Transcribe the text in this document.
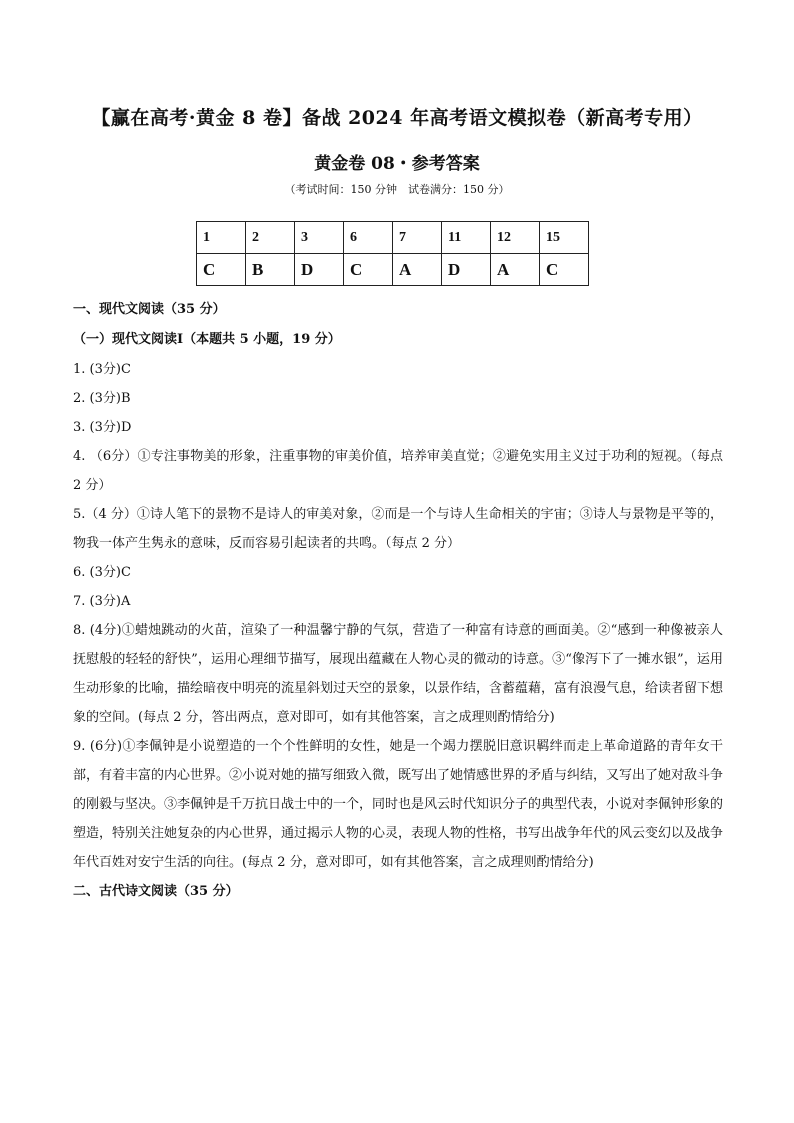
【赢在高考·黄金 8 卷】备战 2024 年高考语文模拟卷（新高考专用）
黄金卷 08・参考答案
（考试时间：150 分钟　试卷满分：150 分）
1	2	3	6	7	11	12	15
C	B	D	C	A	D	A	C
一、现代文阅读（35 分）
（一）现代文阅读Ⅰ（本题共 5 小题，19 分）
1. (3分)C
2. (3分)B
3. (3分)D
4. （6分）①专注事物美的形象，注重事物的审美价值，培养审美直觉；②避免实用主义过于功利的短视。（每点 2 分）
5.（4 分）①诗人笔下的景物不是诗人的审美对象，②而是一个与诗人生命相关的宇宙；③诗人与景物是平等的，物我一体产生隽永的意味，反而容易引起读者的共鸣。（每点 2 分）
6. (3分)C
7. (3分)A
8. (4分)①蜡烛跳动的火苗，渲染了一种温馨宁静的气氛，营造了一种富有诗意的画面美。②“感到一种像被亲人抚慰般的轻轻的舒快”，运用心理细节描写，展现出蕴藏在人物心灵的微动的诗意。③“像泻下了一摊水银”，运用生动形象的比喻，描绘暗夜中明亮的流星斜划过天空的景象，以景作结，含蓄蕴藉，富有浪漫气息，给读者留下想象的空间。(每点 2 分，答出两点，意对即可，如有其他答案，言之成理则酌情给分)
9. (6分)①李佩钟是小说塑造的一个个性鲜明的女性，她是一个竭力摆脱旧意识羁绊而走上革命道路的青年女干部，有着丰富的内心世界。②小说对她的描写细致入微，既写出了她情感世界的矛盾与纠结，又写出了她对敌斗争的刚毅与坚决。③李佩钟是千万抗日战士中的一个，同时也是风云时代知识分子的典型代表，小说对李佩钟形象的塑造，特别关注她复杂的内心世界，通过揭示人物的心灵，表现人物的性格，书写出战争年代的风云变幻以及战争年代百姓对安宁生活的向往。(每点 2 分，意对即可，如有其他答案，言之成理则酌情给分)
二、古代诗文阅读（35 分）
